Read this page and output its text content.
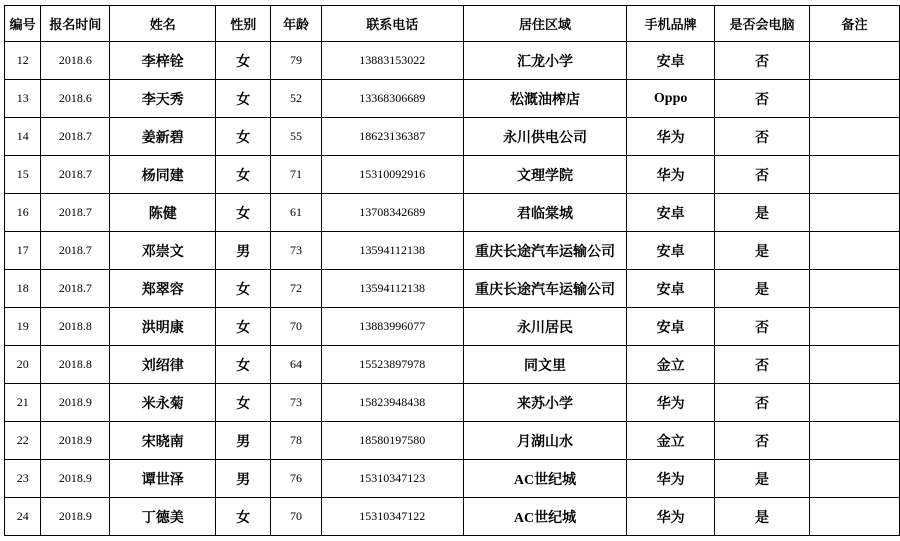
编号	报名时间	姓名	性别	年龄	联系电话	居住区域	手机品牌	是否会电脑	备注
12	2018.6	李梓铨	女	79	13883153022	汇龙小学	安卓	否	
13	2018.6	李天秀	女	52	13368306689	松溉油榨店	Oppo	否	
14	2018.7	姜新碧	女	55	18623136387	永川供电公司	华为	否	
15	2018.7	杨同建	女	71	15310092916	文理学院	华为	否	
16	2018.7	陈健	女	61	13708342689	君临棠城	安卓	是	
17	2018.7	邓崇文	男	73	13594112138	重庆长途汽车运输公司	安卓	是	
18	2018.7	郑翠容	女	72	13594112138	重庆长途汽车运输公司	安卓	是	
19	2018.8	洪明康	女	70	13883996077	永川居民	安卓	否	
20	2018.8	刘绍律	女	64	15523897978	同文里	金立	否	
21	2018.9	米永菊	女	73	15823948438	来苏小学	华为	否	
22	2018.9	宋晓南	男	78	18580197580	月湖山水	金立	否	
23	2018.9	谭世泽	男	76	15310347123	AC世纪城	华为	是	
24	2018.9	丁德美	女	70	15310347122	AC世纪城	华为	是	
